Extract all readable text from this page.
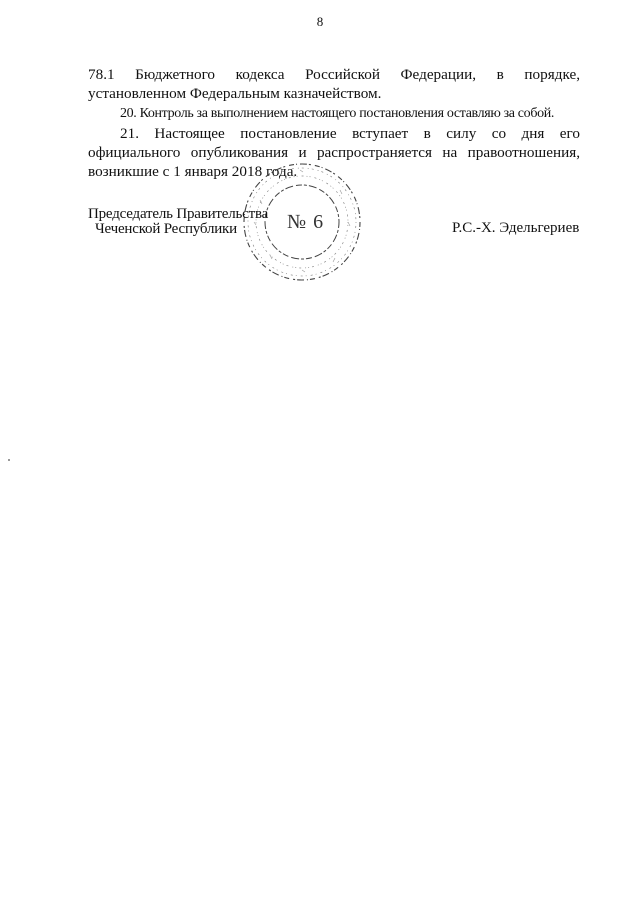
8
78.1 Бюджетного кодекса Российской Федерации, в порядке, установленном Федеральным казначейством.
20. Контроль за выполнением настоящего постановления оставляю за собой.
21. Настоящее постановление вступает в силу со дня его официального опубликования и распространяется на правоотношения, возникшие с 1 января 2018 года.
№ 6
Председатель Правительства
Чеченской Республики	Р.С.-Х. Эдельгериев
